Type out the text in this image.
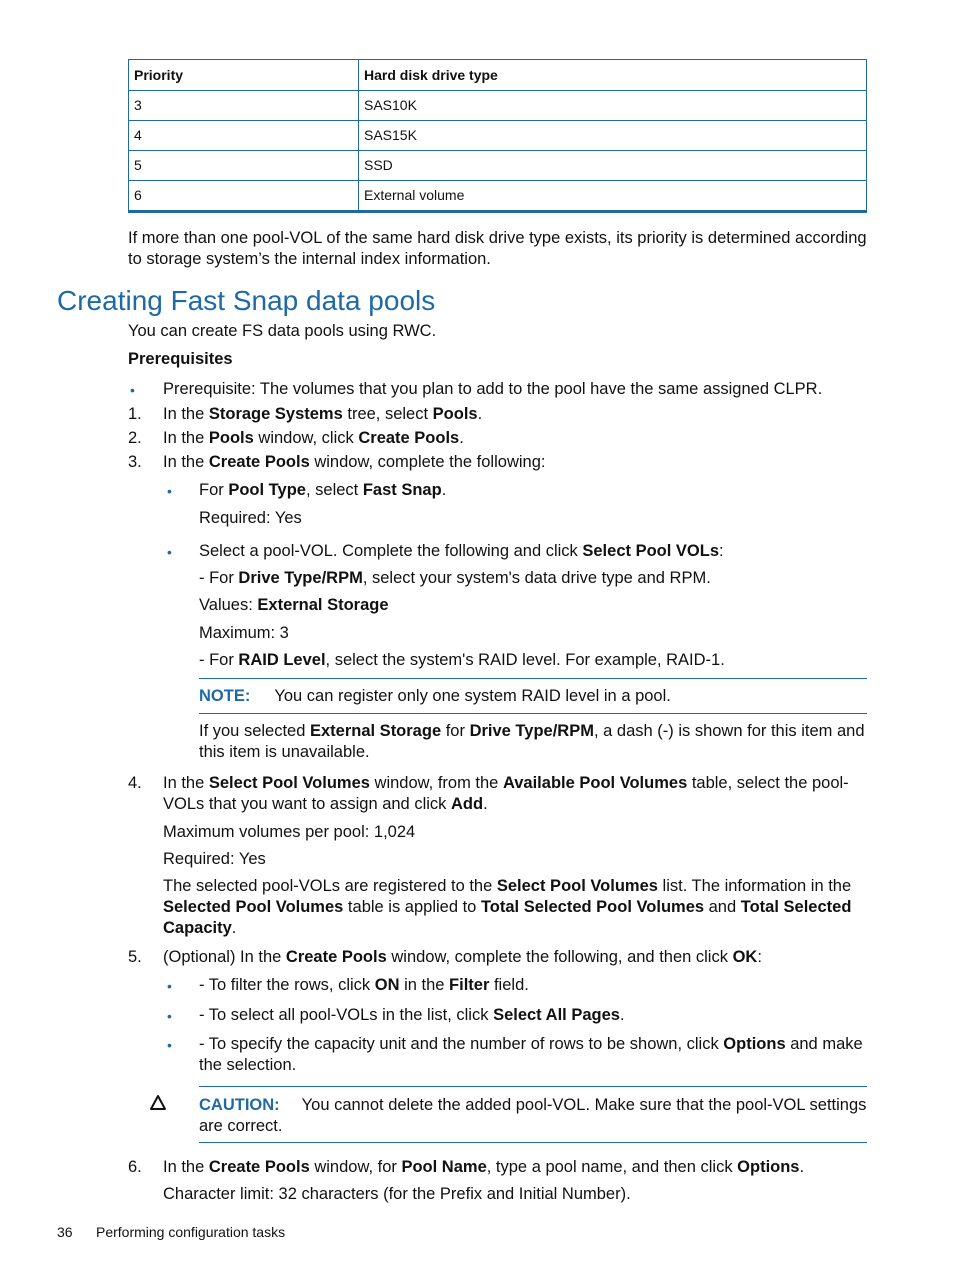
Priority	Hard disk drive type
3	SAS10K
4	SAS15K
5	SSD
6	External volume
If more than one pool-VOL of the same hard disk drive type exists, its priority is determined according to storage system’s the internal index information.
Creating Fast Snap data pools
You can create FS data pools using RWC.
Prerequisites
• Prerequisite: The volumes that you plan to add to the pool have the same assigned CLPR.
1. In the Storage Systems tree, select Pools.
2. In the Pools window, click Create Pools.
3. In the Create Pools window, complete the following:
• For Pool Type, select Fast Snap.
Required: Yes
• Select a pool-VOL. Complete the following and click Select Pool VOLs:
- For Drive Type/RPM, select your system's data drive type and RPM.
Values: External Storage
Maximum: 3
- For RAID Level, select the system's RAID level. For example, RAID-1.
NOTE: You can register only one system RAID level in a pool.
If you selected External Storage for Drive Type/RPM, a dash (-) is shown for this item and this item is unavailable.
4. In the Select Pool Volumes window, from the Available Pool Volumes table, select the pool-VOLs that you want to assign and click Add.
Maximum volumes per pool: 1,024
Required: Yes
The selected pool-VOLs are registered to the Select Pool Volumes list. The information in the Selected Pool Volumes table is applied to Total Selected Pool Volumes and Total Selected Capacity.
5. (Optional) In the Create Pools window, complete the following, and then click OK:
• - To filter the rows, click ON in the Filter field.
• - To select all pool-VOLs in the list, click Select All Pages.
• - To specify the capacity unit and the number of rows to be shown, click Options and make the selection.
CAUTION: You cannot delete the added pool-VOL. Make sure that the pool-VOL settings are correct.
6. In the Create Pools window, for Pool Name, type a pool name, and then click Options.
Character limit: 32 characters (for the Prefix and Initial Number).
36 Performing configuration tasks
